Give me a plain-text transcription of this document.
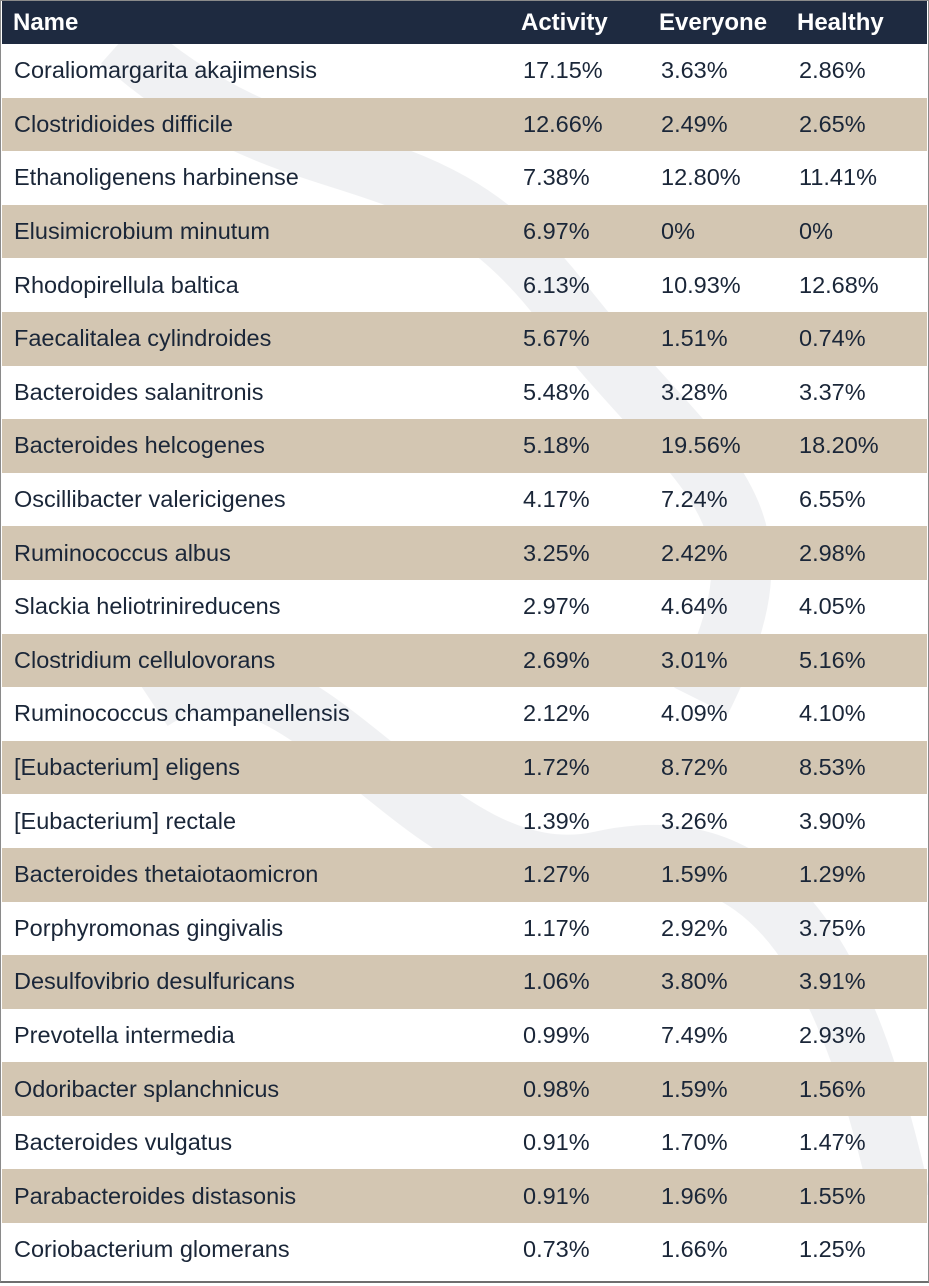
Name	Activity	Everyone	Healthy
Coraliomargarita akajimensis	17.15%	3.63%	2.86%
Clostridioides difficile	12.66%	2.49%	2.65%
Ethanoligenens harbinense	7.38%	12.80%	11.41%
Elusimicrobium minutum	6.97%	0%	0%
Rhodopirellula baltica	6.13%	10.93%	12.68%
Faecalitalea cylindroides	5.67%	1.51%	0.74%
Bacteroides salanitronis	5.48%	3.28%	3.37%
Bacteroides helcogenes	5.18%	19.56%	18.20%
Oscillibacter valericigenes	4.17%	7.24%	6.55%
Ruminococcus albus	3.25%	2.42%	2.98%
Slackia heliotrinireducens	2.97%	4.64%	4.05%
Clostridium cellulovorans	2.69%	3.01%	5.16%
Ruminococcus champanellensis	2.12%	4.09%	4.10%
[Eubacterium] eligens	1.72%	8.72%	8.53%
[Eubacterium] rectale	1.39%	3.26%	3.90%
Bacteroides thetaiotaomicron	1.27%	1.59%	1.29%
Porphyromonas gingivalis	1.17%	2.92%	3.75%
Desulfovibrio desulfuricans	1.06%	3.80%	3.91%
Prevotella intermedia	0.99%	7.49%	2.93%
Odoribacter splanchnicus	0.98%	1.59%	1.56%
Bacteroides vulgatus	0.91%	1.70%	1.47%
Parabacteroides distasonis	0.91%	1.96%	1.55%
Coriobacterium glomerans	0.73%	1.66%	1.25%
